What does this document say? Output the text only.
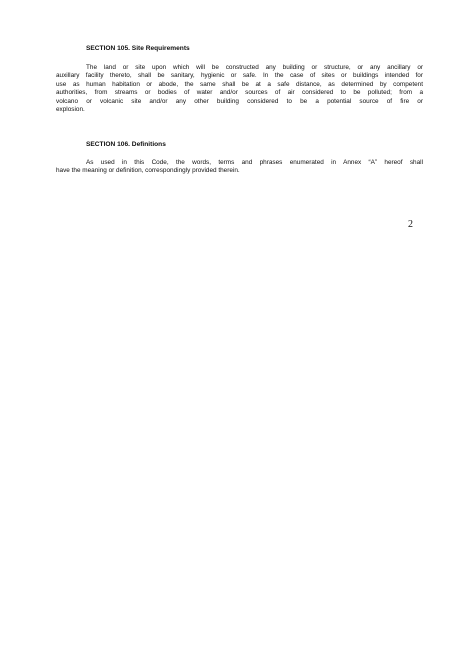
SECTION 105. Site Requirements
The land or site upon which will be constructed any building or structure, or any ancillary or
auxillary facility thereto, shall be sanitary, hygienic or safe. In the case of sites or buildings intended for
use as human habitation or abode, the same shall be at a safe distance, as determined by competent
authorities, from streams or bodies of water and/or sources of air considered to be polluted; from a
volcano or volcanic site and/or any other building considered to be a potential source of fire or
explosion.
SECTION 106. Definitions
As used in this Code, the words, terms and phrases enumerated in Annex “A” hereof shall
have the meaning or definition, correspondingly provided therein.
2
